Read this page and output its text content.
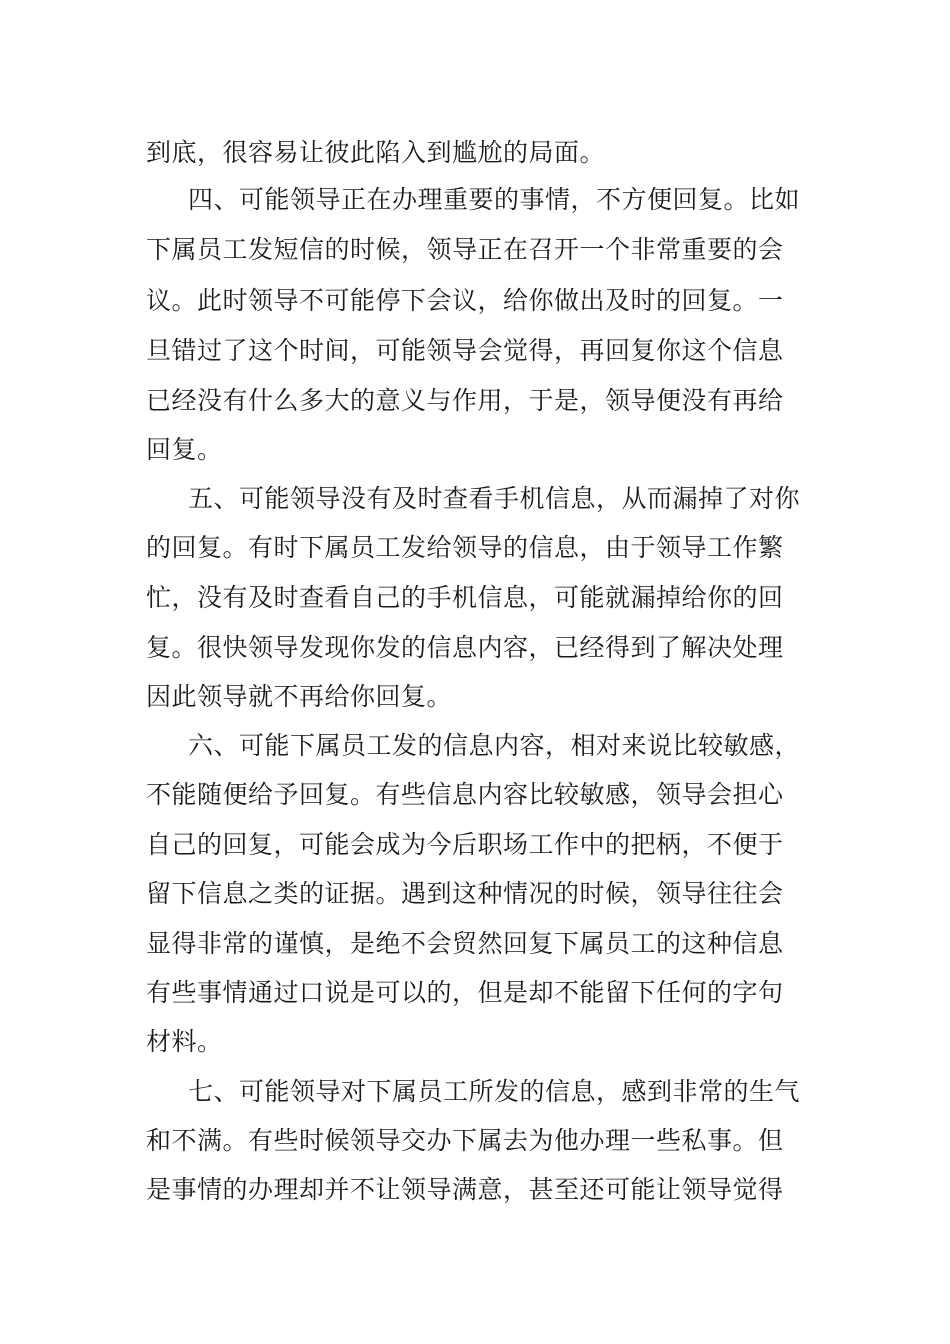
到底，很容易让彼此陷入到尴尬的局面。
四、可能领导正在办理重要的事情，不方便回复。比如
下属员工发短信的时候，领导正在召开一个非常重要的会
议。此时领导不可能停下会议，给你做出及时的回复。一
旦错过了这个时间，可能领导会觉得，再回复你这个信息
已经没有什么多大的意义与作用，于是，领导便没有再给
回复。
五、可能领导没有及时查看手机信息，从而漏掉了对你
的回复。有时下属员工发给领导的信息，由于领导工作繁
忙，没有及时查看自己的手机信息，可能就漏掉给你的回
复。很快领导发现你发的信息内容，已经得到了解决处理
因此领导就不再给你回复。
六、可能下属员工发的信息内容，相对来说比较敏感，
不能随便给予回复。有些信息内容比较敏感，领导会担心
自己的回复，可能会成为今后职场工作中的把柄，不便于
留下信息之类的证据。遇到这种情况的时候，领导往往会
显得非常的谨慎，是绝不会贸然回复下属员工的这种信息
有些事情通过口说是可以的，但是却不能留下任何的字句
材料。
七、可能领导对下属员工所发的信息，感到非常的生气
和不满。有些时候领导交办下属去为他办理一些私事。但
是事情的办理却并不让领导满意，甚至还可能让领导觉得
